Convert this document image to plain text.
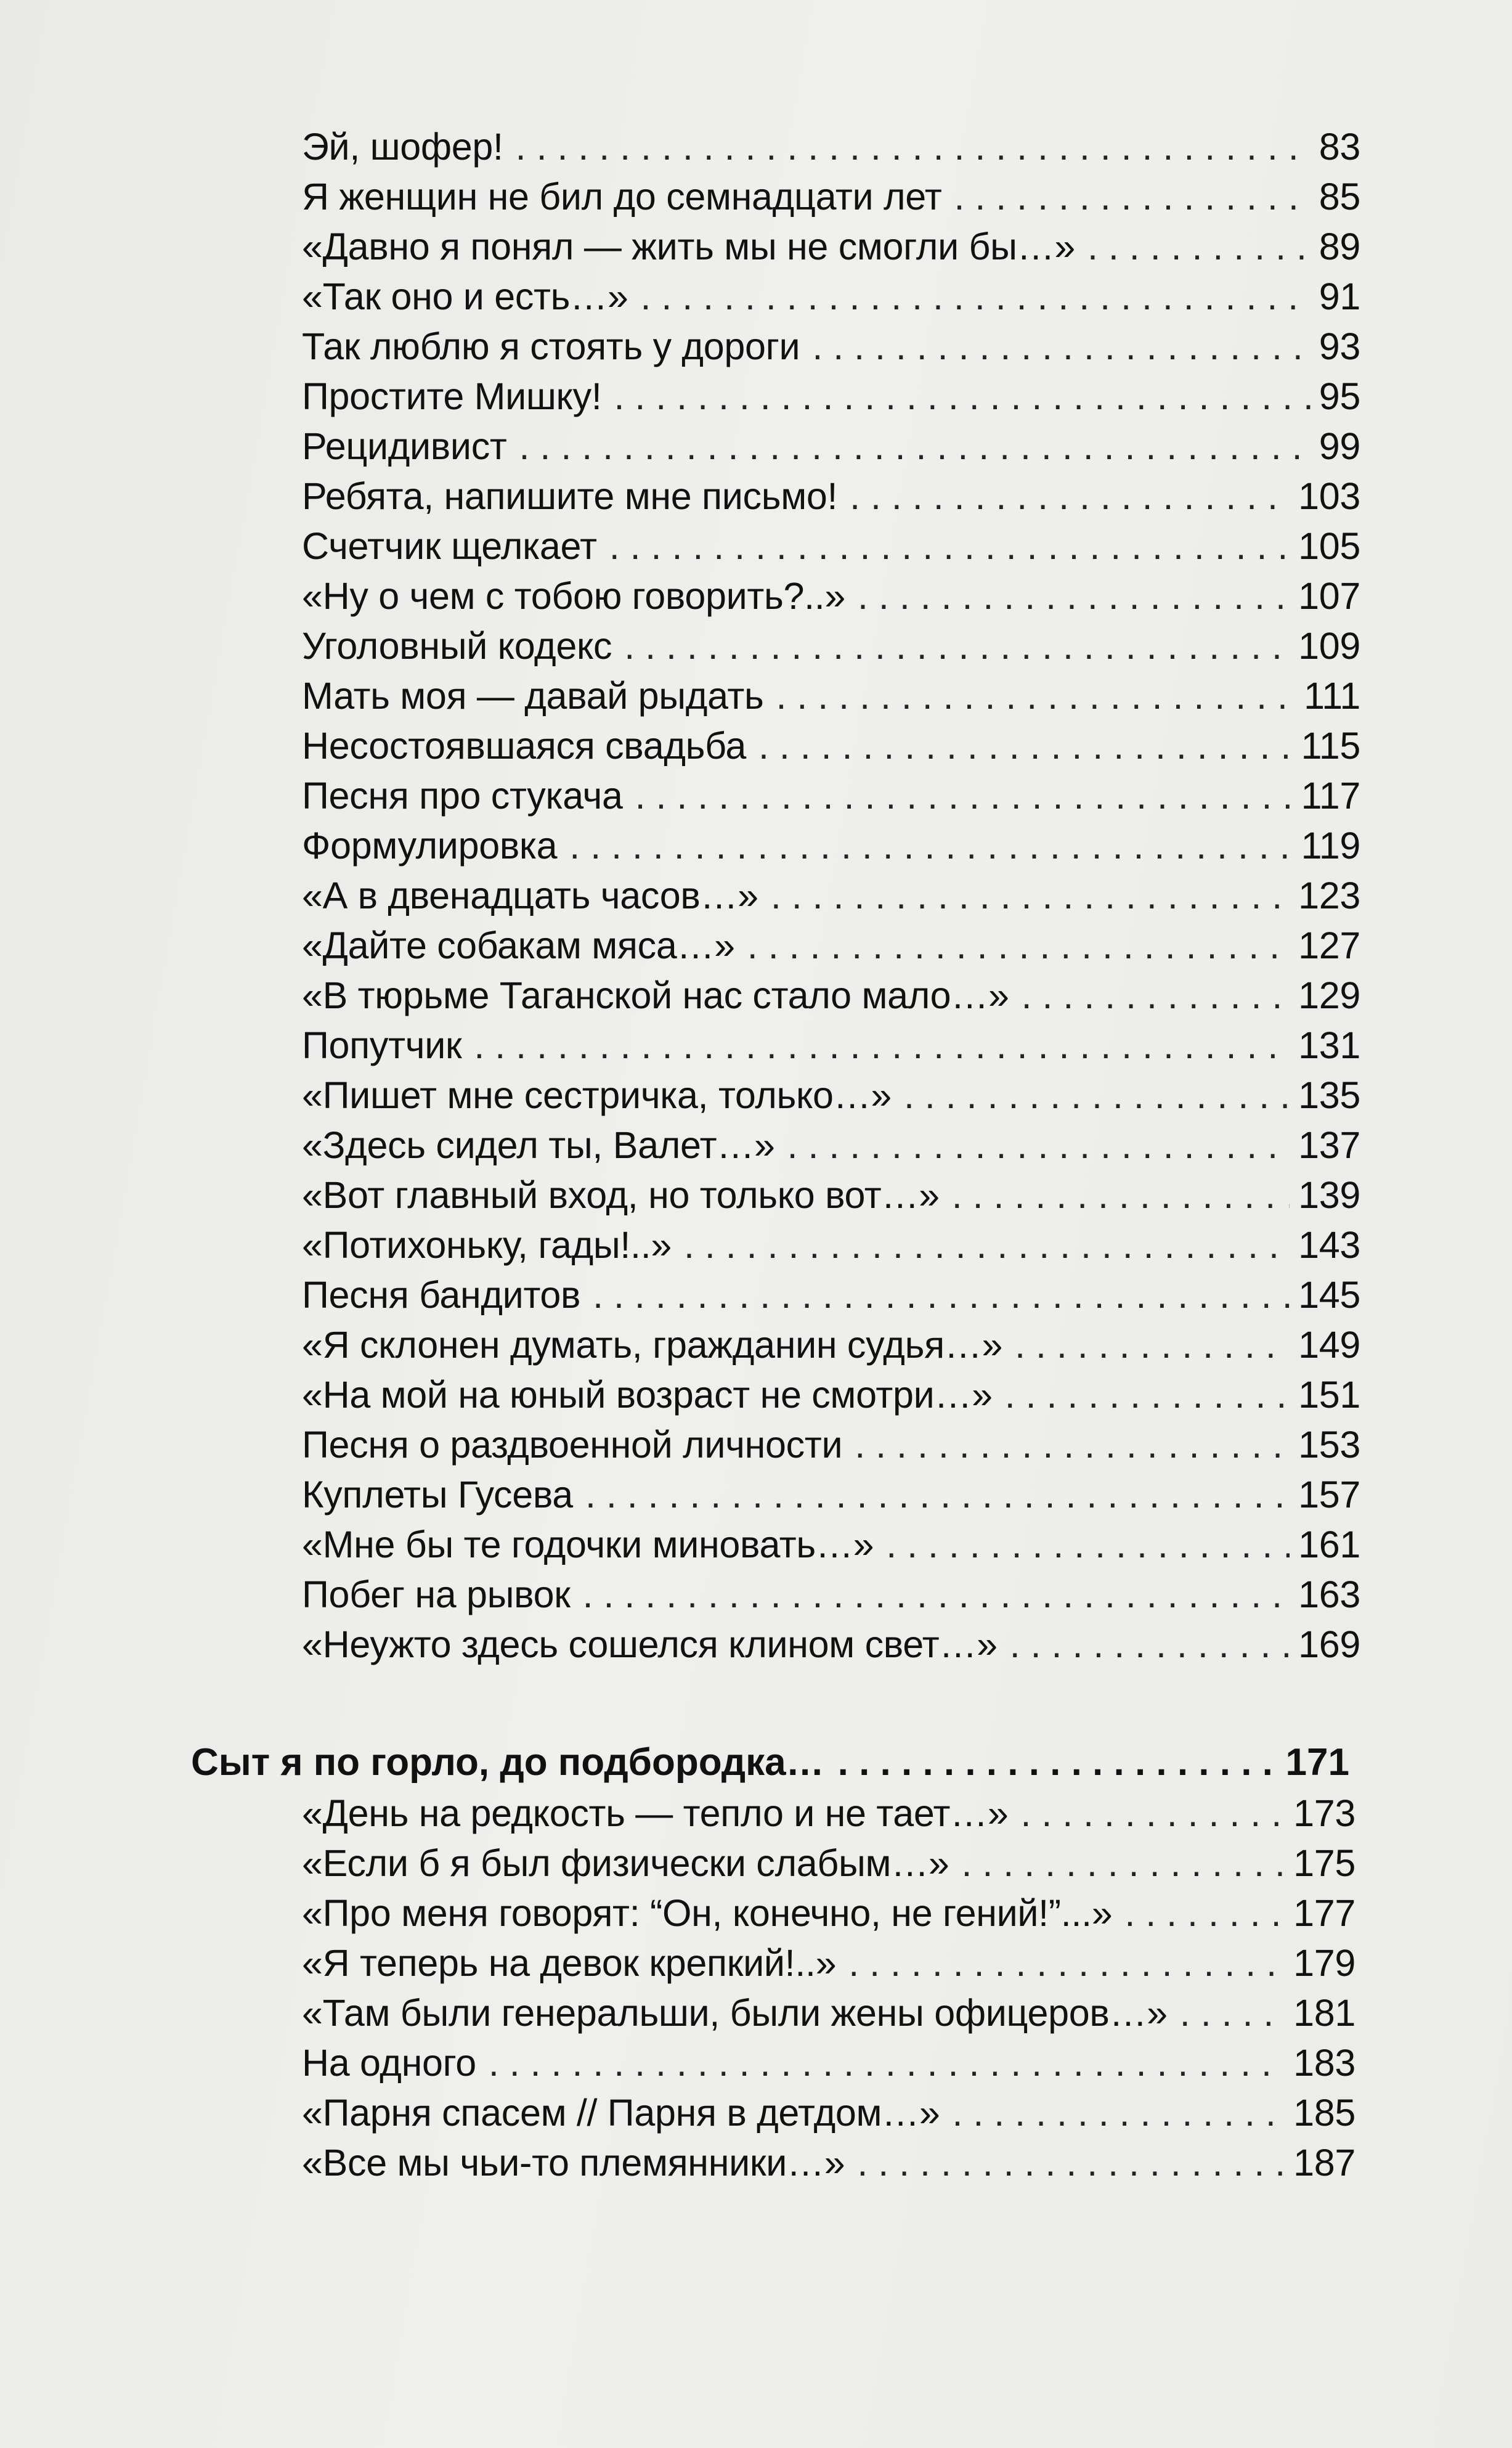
Эй, шофер! . . .	83
Я женщин не бил до семнадцати лет . . .	85
«Давно я понял — жить мы не смогли бы…» . . .	89
«Так оно и есть…» . . .	91
Так люблю я стоять у дороги . . .	93
Простите Мишку! . . .	95
Рецидивист . . .	99
Ребята, напишите мне письмо! . . .	103
Счетчик щелкает . . .	105
«Ну о чем с тобою говорить?..» . . .	107
Уголовный кодекс . . .	109
Мать моя — давай рыдать . . .	111
Несостоявшаяся свадьба . . .	115
Песня про стукача . . .	117
Формулировка . . .	119
«А в двенадцать часов…» . . .	123
«Дайте собакам мяса…» . . .	127
«В тюрьме Таганской нас стало мало…» . . .	129
Попутчик . . .	131
«Пишет мне сестричка, только…» . . .	135
«Здесь сидел ты, Валет…» . . .	137
«Вот главный вход, но только вот…» . . .	139
«Потихоньку, гады!..» . . .	143
Песня бандитов . . .	145
«Я склонен думать, гражданин судья…» . . .	149
«На мой на юный возраст не смотри…» . . .	151
Песня о раздвоенной личности . . .	153
Куплеты Гусева . . .	157
«Мне бы те годочки миновать…» . . .	161
Побег на рывок . . .	163
«Неужто здесь сошелся клином свет…» . . .	169
Сыт я по горло, до подбородка… . . .	171
«День на редкость — тепло и не тает…» . . .	173
«Если б я был физически слабым…» . . .	175
«Про меня говорят: “Он, конечно, не гений!”...» . . .	177
«Я теперь на девок крепкий!..» . . .	179
«Там были генеральши, были жены офицеров…» . . .	181
На одного . . .	183
«Парня спасем // Парня в детдом…» . . .	185
«Все мы чьи-то племянники…» . . .	187
